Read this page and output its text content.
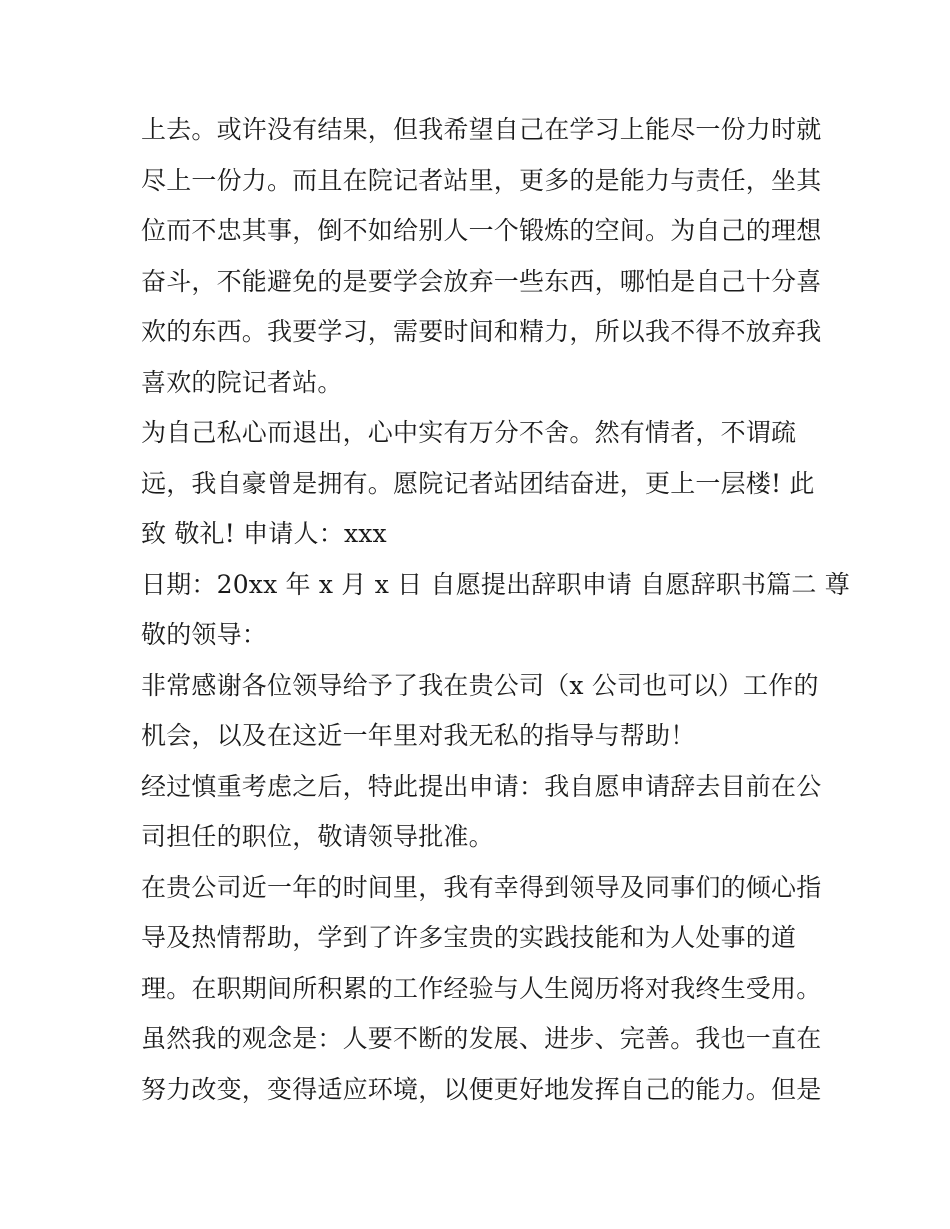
上去。或许没有结果，但我希望自己在学习上能尽一份力时就
尽上一份力。而且在院记者站里，更多的是能力与责任，坐其
位而不忠其事，倒不如给别人一个锻炼的空间。为自己的理想
奋斗，不能避免的是要学会放弃一些东西，哪怕是自己十分喜
欢的东西。我要学习，需要时间和精力，所以我不得不放弃我
喜欢的院记者站。
为自己私心而退出，心中实有万分不舍。然有情者，不谓疏
远，我自豪曾是拥有。愿院记者站团结奋进，更上一层楼! 此
致 敬礼! 申请人：xxx
日期：20xx 年 x 月 x 日 自愿提出辞职申请 自愿辞职书篇二 尊
敬的领导：
非常感谢各位领导给予了我在贵公司（x 公司也可以）工作的
机会，以及在这近一年里对我无私的指导与帮助！
经过慎重考虑之后，特此提出申请：我自愿申请辞去目前在公
司担任的职位，敬请领导批准。
在贵公司近一年的时间里，我有幸得到领导及同事们的倾心指
导及热情帮助，学到了许多宝贵的实践技能和为人处事的道
理。在职期间所积累的工作经验与人生阅历将对我终生受用。
虽然我的观念是：人要不断的发展、进步、完善。我也一直在
努力改变，变得适应环境，以便更好地发挥自己的能力。但是
